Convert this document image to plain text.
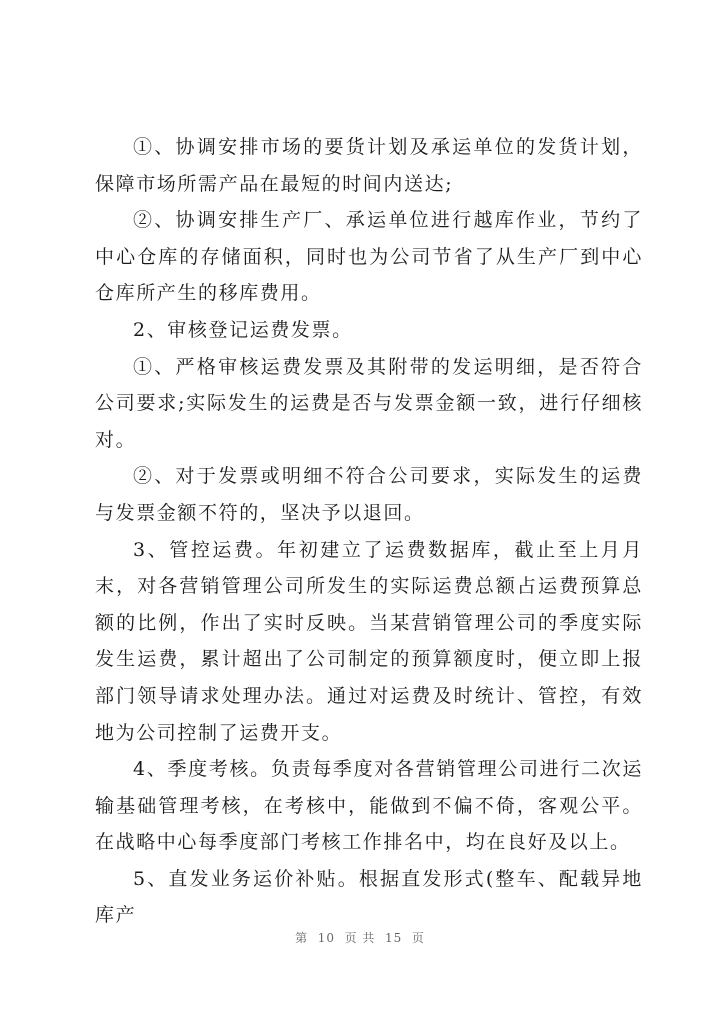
①、协调安排市场的要货计划及承运单位的发货计划，保障市场所需产品在最短的时间内送达;

②、协调安排生产厂、承运单位进行越库作业，节约了中心仓库的存储面积，同时也为公司节省了从生产厂到中心仓库所产生的移库费用。

2、审核登记运费发票。

①、严格审核运费发票及其附带的发运明细，是否符合公司要求;实际发生的运费是否与发票金额一致，进行仔细核对。

②、对于发票或明细不符合公司要求，实际发生的运费与发票金额不符的，坚决予以退回。

3、管控运费。年初建立了运费数据库，截止至上月月末，对各营销管理公司所发生的实际运费总额占运费预算总额的比例，作出了实时反映。当某营销管理公司的季度实际发生运费，累计超出了公司制定的预算额度时，便立即上报部门领导请求处理办法。通过对运费及时统计、管控，有效地为公司控制了运费开支。

4、季度考核。负责每季度对各营销管理公司进行二次运输基础管理考核，在考核中，能做到不偏不倚，客观公平。在战略中心每季度部门考核工作排名中，均在良好及以上。

5、直发业务运价补贴。根据直发形式(整车、配载异地库产

第  10  页 共  15  页
